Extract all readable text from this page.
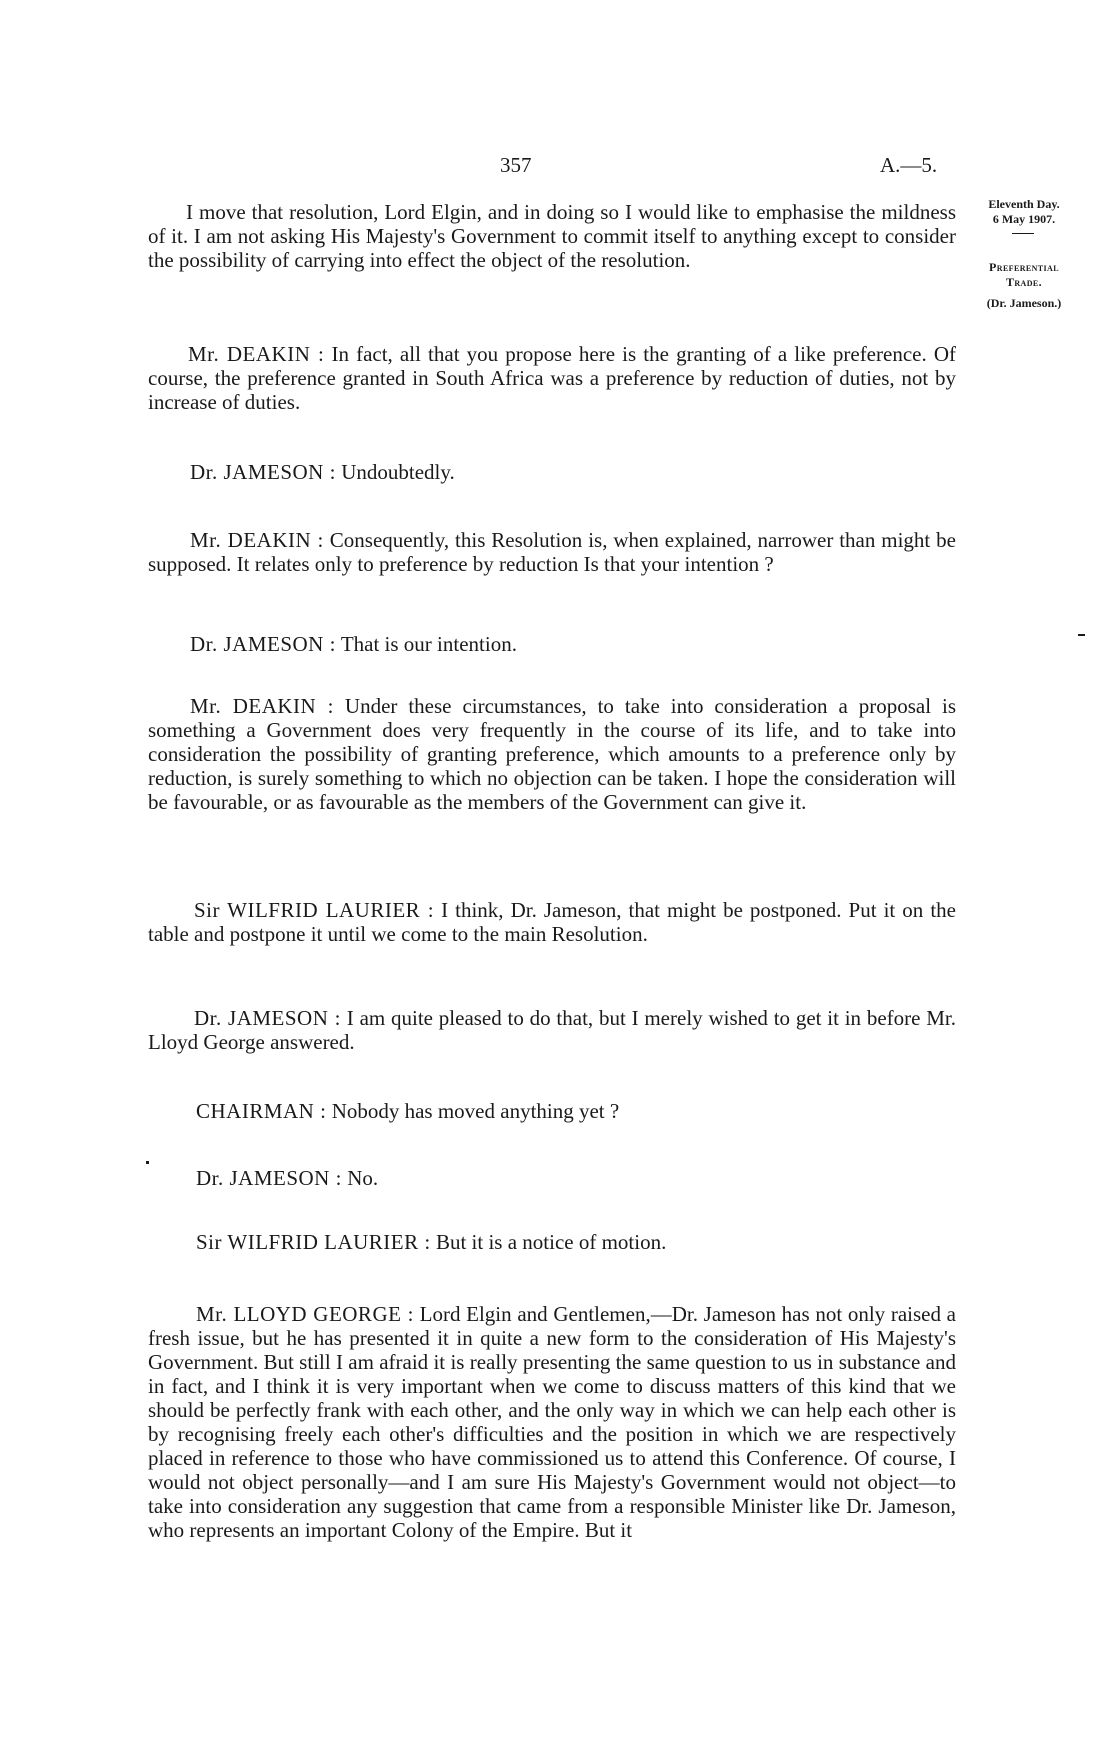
357	A.—5.
Eleventh Day.
6 May 1907.
Preferential
Trade.
(Dr. Jameson.)

I move that resolution, Lord Elgin, and in doing so I would like to emphasise the mildness of it. I am not asking His Majesty's Government to commit itself to anything except to consider the possibility of carrying into effect the object of the resolution.

Mr. DEAKIN : In fact, all that you propose here is the granting of a like preference. Of course, the preference granted in South Africa was a preference by reduction of duties, not by increase of duties.

Dr. JAMESON : Undoubtedly.

Mr. DEAKIN : Consequently, this Resolution is, when explained, narrower than might be supposed. It relates only to preference by reduction Is that your intention ?

Dr. JAMESON : That is our intention.

Mr. DEAKIN : Under these circumstances, to take into consideration a proposal is something a Government does very frequently in the course of its life, and to take into consideration the possibility of granting preference, which amounts to a preference only by reduction, is surely something to which no objection can be taken. I hope the consideration will be favourable, or as favourable as the members of the Government can give it.

Sir WILFRID LAURIER : I think, Dr. Jameson, that might be postponed. Put it on the table and postpone it until we come to the main Resolution.

Dr. JAMESON : I am quite pleased to do that, but I merely wished to get it in before Mr. Lloyd George answered.

CHAIRMAN : Nobody has moved anything yet ?

Dr. JAMESON : No.

Sir WILFRID LAURIER : But it is a notice of motion.

Mr. LLOYD GEORGE : Lord Elgin and Gentlemen,—Dr. Jameson has not only raised a fresh issue, but he has presented it in quite a new form to the consideration of His Majesty's Government. But still I am afraid it is really presenting the same question to us in substance and in fact, and I think it is very important when we come to discuss matters of this kind that we should be perfectly frank with each other, and the only way in which we can help each other is by recognising freely each other's difficulties and the position in which we are respectively placed in reference to those who have commissioned us to attend this Conference. Of course, I would not object personally—and I am sure His Majesty's Government would not object—to take into consideration any suggestion that came from a responsible Minister like Dr. Jameson, who represents an important Colony of the Empire. But it
